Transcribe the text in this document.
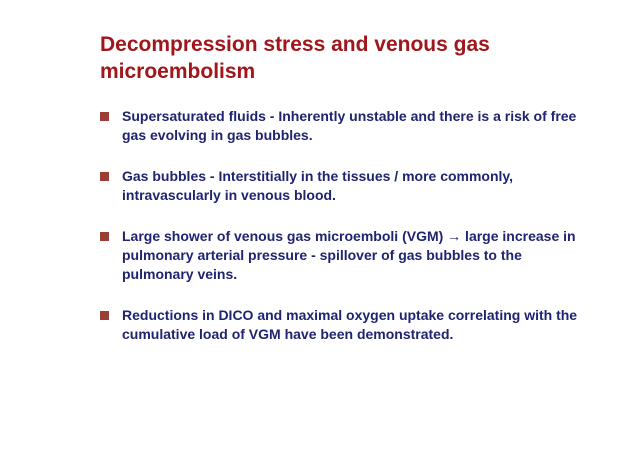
Decompression stress and venous gas microembolism
Supersaturated fluids - Inherently unstable and there is a risk of free gas evolving in gas bubbles.
Gas bubbles - Interstitially in the tissues / more commonly, intravascularly in venous blood.
Large shower of venous gas microemboli (VGM) → large increase in pulmonary arterial pressure - spillover of gas bubbles to the pulmonary veins.
Reductions in DICO and maximal oxygen uptake correlating with the cumulative load of VGM have been demonstrated.
